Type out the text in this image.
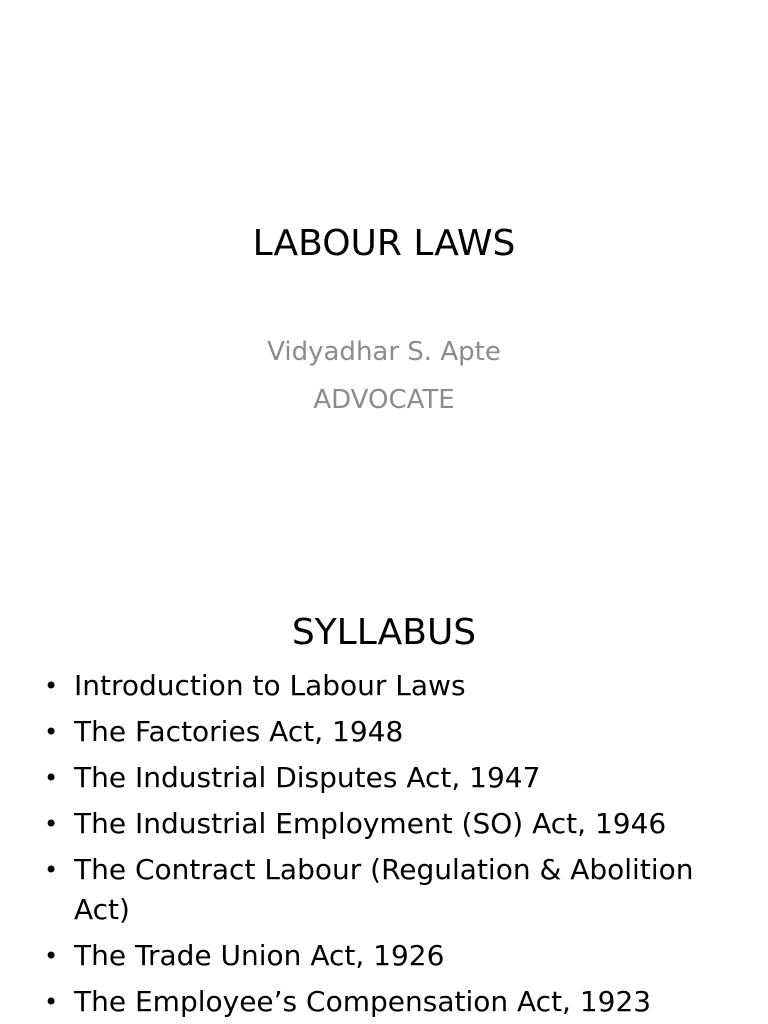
LABOUR LAWS
Vidyadhar S. Apte
ADVOCATE
SYLLABUS
• Introduction to Labour Laws
• The Factories Act, 1948
• The Industrial Disputes Act, 1947
• The Industrial Employment (SO) Act, 1946
• The Contract Labour (Regulation & Abolition Act)
• The Trade Union Act, 1926
• The Employee’s Compensation Act, 1923
